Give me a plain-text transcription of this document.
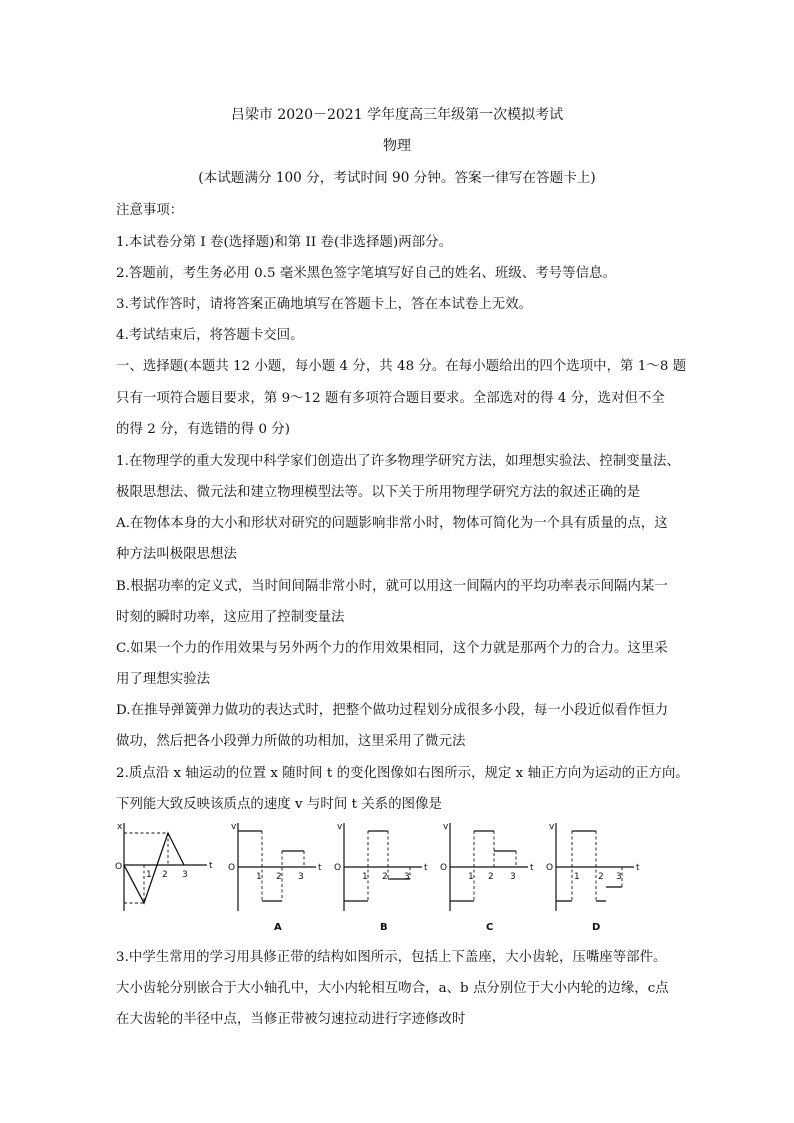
吕梁市 2020－2021 学年度高三年级第一次模拟考试
物理
(本试题满分 100 分，考试时间 90 分钟。答案一律写在答题卡上)
注意事项：
1.本试卷分第 I 卷(选择题)和第 II 卷(非选择题)两部分。
2.答题前，考生务必用 0.5 毫米黑色签字笔填写好自己的姓名、班级、考号等信息。
3.考试作答时，请将答案正确地填写在答题卡上，答在本试卷上无效。
4.考试结束后，将答题卡交回。
一、选择题(本题共 12 小题，每小题 4 分，共 48 分。在每小题给出的四个选项中，第 1～8 题
只有一项符合题目要求，第 9～12 题有多项符合题目要求。全部选对的得 4 分，选对但不全
的得 2 分，有选错的得 0 分)
1.在物理学的重大发现中科学家们创造出了许多物理学研究方法，如理想实验法、控制变量法、
极限思想法、微元法和建立物理模型法等。以下关于所用物理学研究方法的叙述正确的是
A.在物体本身的大小和形状对研究的问题影响非常小时，物体可简化为一个具有质量的点，这
种方法叫极限思想法
B.根据功率的定义式，当时间间隔非常小时，就可以用这一间隔内的平均功率表示间隔内某一
时刻的瞬时功率，这应用了控制变量法
C.如果一个力的作用效果与另外两个力的作用效果相同，这个力就是那两个力的合力。这里采
用了理想实验法
D.在推导弹簧弹力做功的表达式时，把整个做功过程划分成很多小段，每一小段近似看作恒力
做功，然后把各小段弹力所做的功相加，这里采用了微元法
2.质点沿 x 轴运动的位置 x 随时间 t 的变化图像如右图所示，规定 x 轴正方向为运动的正方向。
下列能大致反映该质点的速度 v 与时间 t 关系的图像是
x
t
O
1 2 3
v
t
O
1 2 3
A
v
t
O
1 2 3
B
v
t
O
1 2 3
C
v
t
O
1 2 3
D
3.中学生常用的学习用具修正带的结构如图所示，包括上下盖座，大小齿轮，压嘴座等部件。
大小齿轮分别嵌合于大小轴孔中，大小内轮相互吻合，a、b 点分别位于大小内轮的边缘，c点
在大齿轮的半径中点，当修正带被匀速拉动进行字迹修改时
